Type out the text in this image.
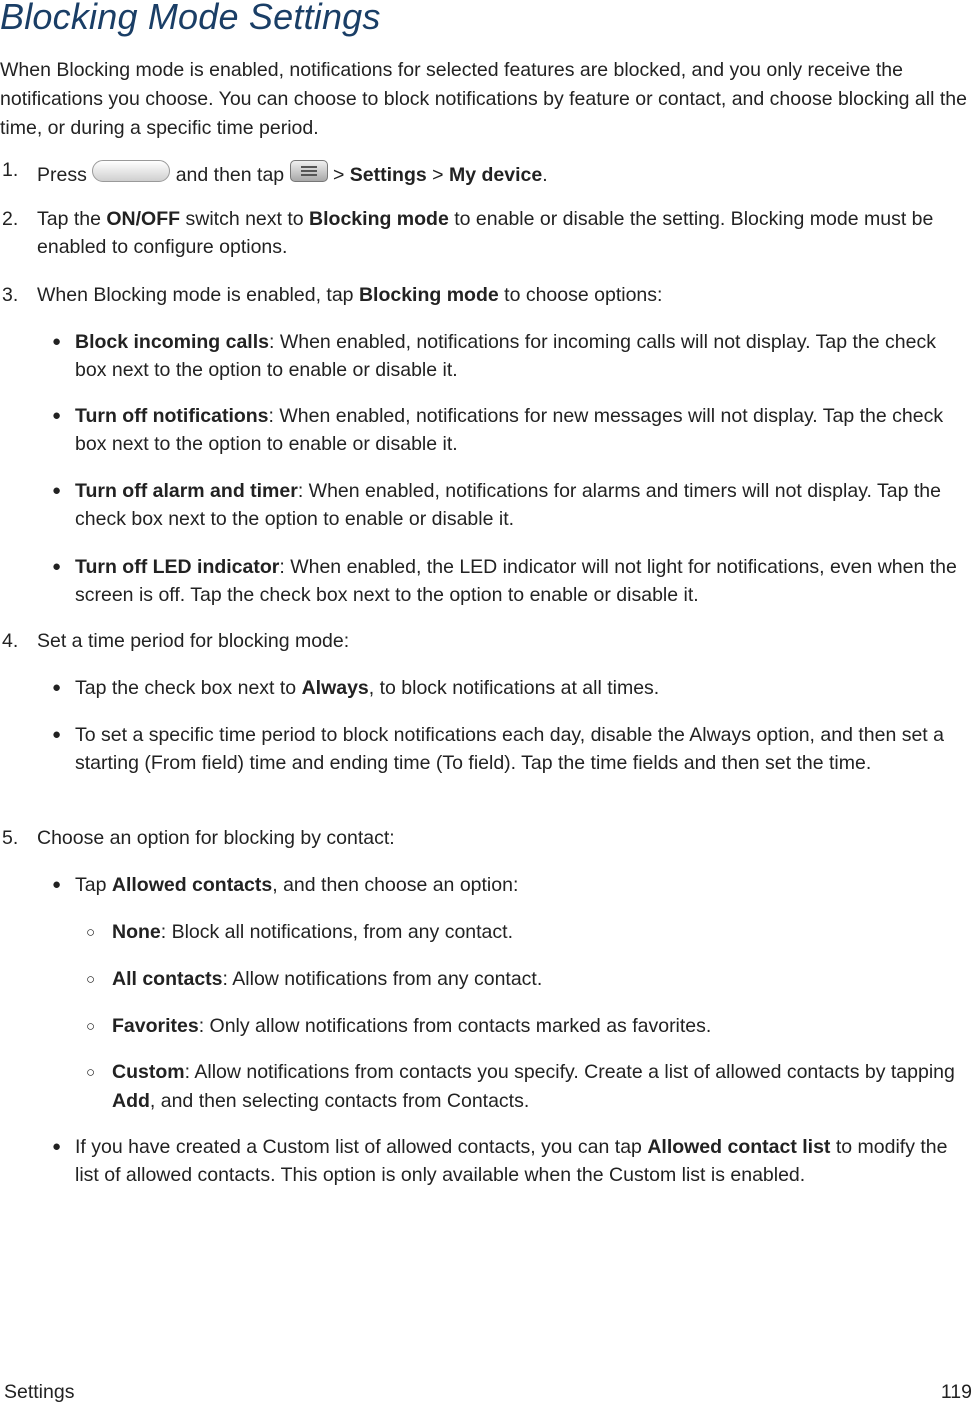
Blocking Mode Settings

When Blocking mode is enabled, notifications for selected features are blocked, and you only receive the notifications you choose. You can choose to block notifications by feature or contact, and choose blocking all the time, or during a specific time period.

1. Press	and then tap	> Settings > My device.
2. Tap the ON/OFF switch next to Blocking mode to enable or disable the setting. Blocking mode must be enabled to configure options.
3. When Blocking mode is enabled, tap Blocking mode to choose options:
● Block incoming calls: When enabled, notifications for incoming calls will not display. Tap the check box next to the option to enable or disable it.
● Turn off notifications: When enabled, notifications for new messages will not display. Tap the check box next to the option to enable or disable it.
● Turn off alarm and timer: When enabled, notifications for alarms and timers will not display. Tap the check box next to the option to enable or disable it.
● Turn off LED indicator: When enabled, the LED indicator will not light for notifications, even when the screen is off. Tap the check box next to the option to enable or disable it.
4. Set a time period for blocking mode:
● Tap the check box next to Always, to block notifications at all times.
● To set a specific time period to block notifications each day, disable the Always option, and then set a starting (From field) time and ending time (To field). Tap the time fields and then set the time.
5. Choose an option for blocking by contact:
● Tap Allowed contacts, and then choose an option:
○ None: Block all notifications, from any contact.
○ All contacts: Allow notifications from any contact.
○ Favorites: Only allow notifications from contacts marked as favorites.
○ Custom: Allow notifications from contacts you specify. Create a list of allowed contacts by tapping Add, and then selecting contacts from Contacts.
● If you have created a Custom list of allowed contacts, you can tap Allowed contact list to modify the list of allowed contacts. This option is only available when the Custom list is enabled.
Settings	119
